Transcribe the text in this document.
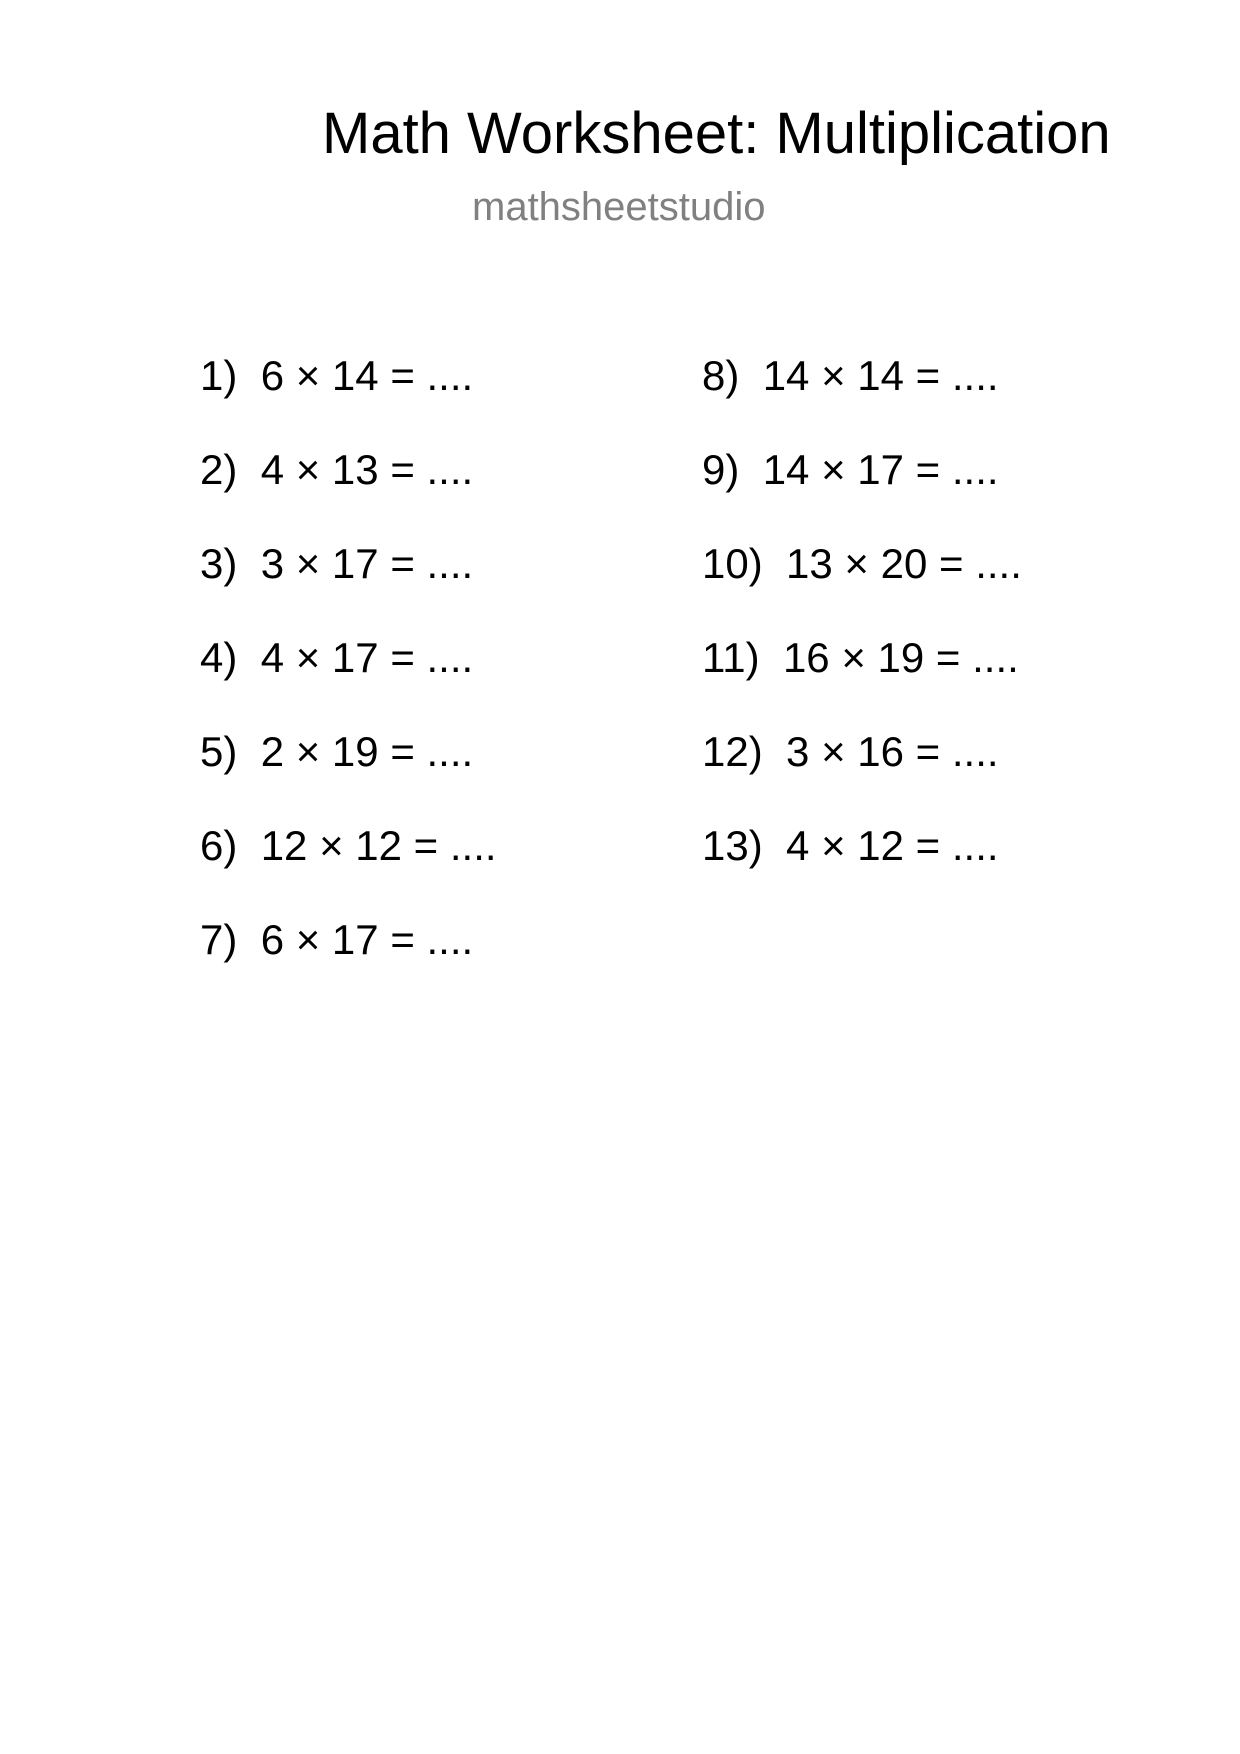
Math Worksheet: Multiplication
mathsheetstudio
1) 6 × 14 = ....
2) 4 × 13 = ....
3) 3 × 17 = ....
4) 4 × 17 = ....
5) 2 × 19 = ....
6) 12 × 12 = ....
7) 6 × 17 = ....
8) 14 × 14 = ....
9) 14 × 17 = ....
10) 13 × 20 = ....
11) 16 × 19 = ....
12) 3 × 16 = ....
13) 4 × 12 = ....
